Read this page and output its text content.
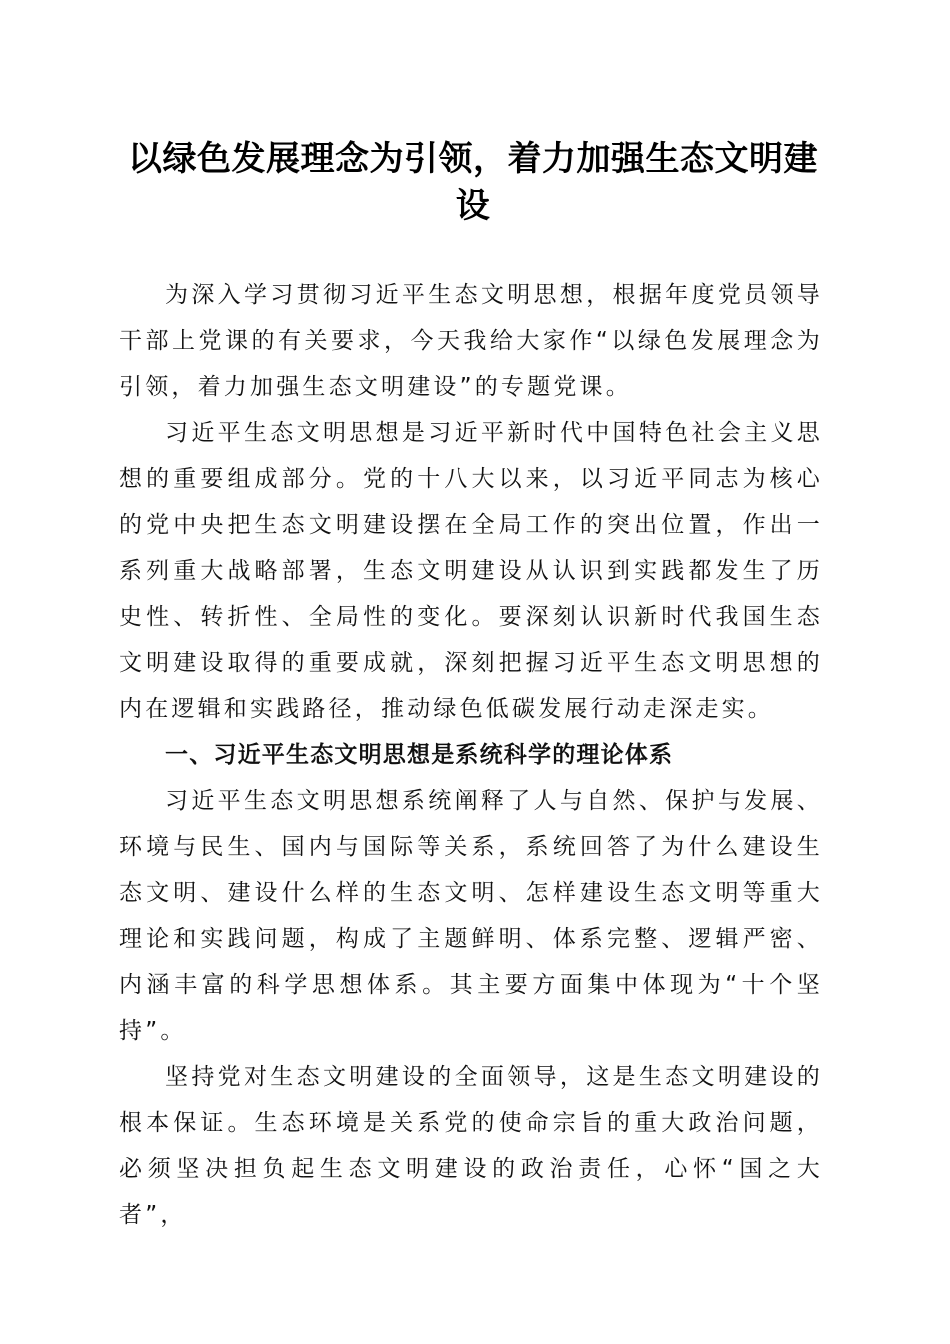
以绿色发展理念为引领，着力加强生态文明建设

为深入学习贯彻习近平生态文明思想，根据年度党员领导干部上党课的有关要求，今天我给大家作“以绿色发展理念为引领，着力加强生态文明建设”的专题党课。

习近平生态文明思想是习近平新时代中国特色社会主义思想的重要组成部分。党的十八大以来，以习近平同志为核心的党中央把生态文明建设摆在全局工作的突出位置，作出一系列重大战略部署，生态文明建设从认识到实践都发生了历史性、转折性、全局性的变化。要深刻认识新时代我国生态文明建设取得的重要成就，深刻把握习近平生态文明思想的内在逻辑和实践路径，推动绿色低碳发展行动走深走实。

一、习近平生态文明思想是系统科学的理论体系

习近平生态文明思想系统阐释了人与自然、保护与发展、环境与民生、国内与国际等关系，系统回答了为什么建设生态文明、建设什么样的生态文明、怎样建设生态文明等重大理论和实践问题，构成了主题鲜明、体系完整、逻辑严密、内涵丰富的科学思想体系。其主要方面集中体现为“十个坚持”。

坚持党对生态文明建设的全面领导，这是生态文明建设的根本保证。生态环境是关系党的使命宗旨的重大政治问题，必须坚决担负起生态文明建设的政治责任，心怀“国之大者”，
